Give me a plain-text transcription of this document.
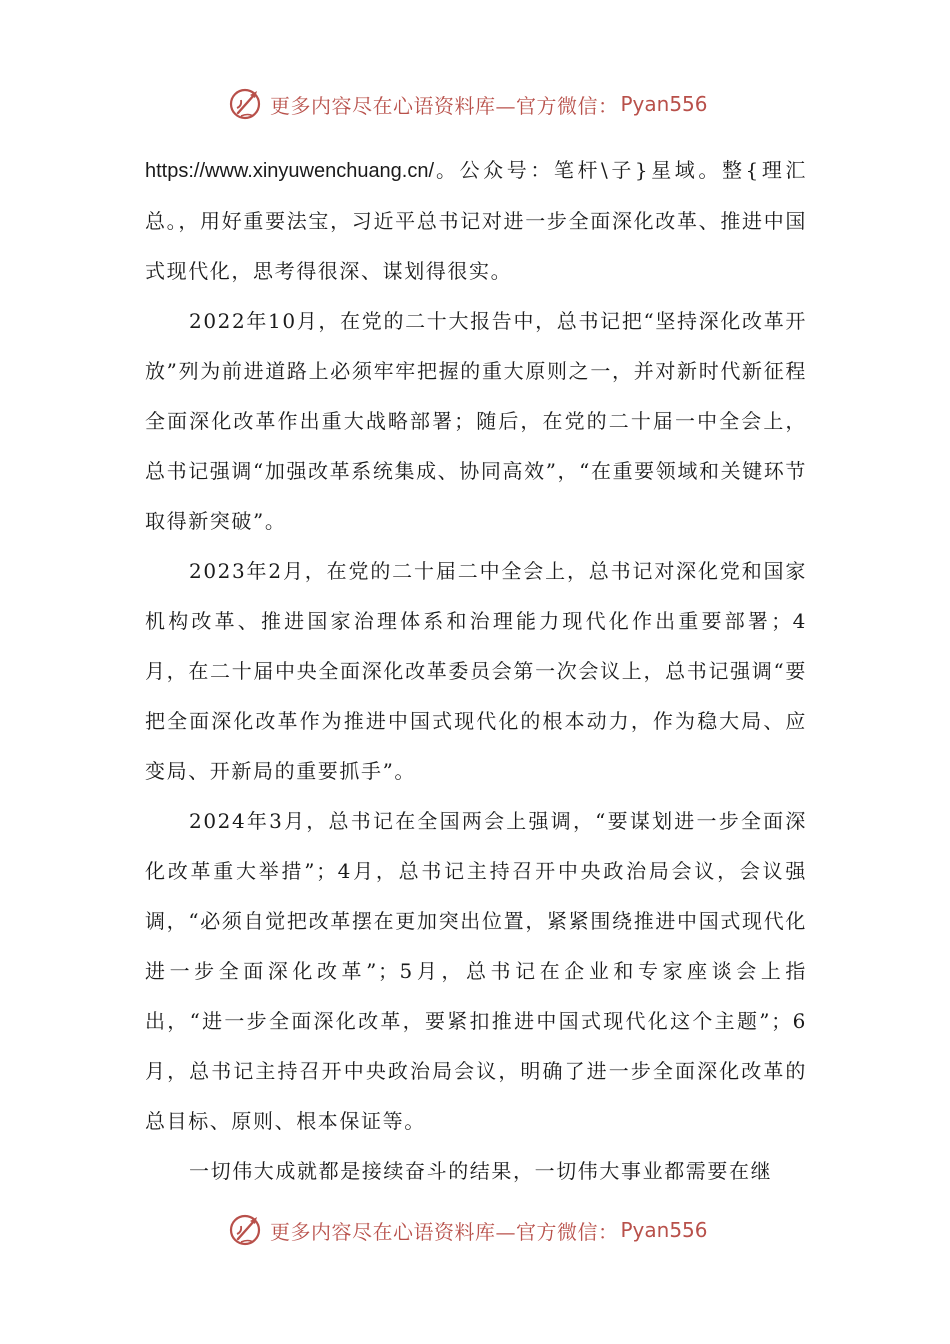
更多内容尽在心语资料库—官方微信： Pyan556

https://www.xinyuwenchuang.cn/。公众号：笔杆\子}星域。整{理汇总。，用好重要法宝，习近平总书记对进一步全面深化改革、推进中国式现代化，思考得很深、谋划得很实。

2022年10月，在党的二十大报告中，总书记把“坚持深化改革开放”列为前进道路上必须牢牢把握的重大原则之一，并对新时代新征程全面深化改革作出重大战略部署；随后，在党的二十届一中全会上，总书记强调“加强改革系统集成、协同高效”，“在重要领域和关键环节取得新突破”。

2023年2月，在党的二十届二中全会上，总书记对深化党和国家机构改革、推进国家治理体系和治理能力现代化作出重要部署；4月，在二十届中央全面深化改革委员会第一次会议上，总书记强调“要把全面深化改革作为推进中国式现代化的根本动力，作为稳大局、应变局、开新局的重要抓手”。

2024年3月，总书记在全国两会上强调，“要谋划进一步全面深化改革重大举措”；4月，总书记主持召开中央政治局会议，会议强调，“必须自觉把改革摆在更加突出位置，紧紧围绕推进中国式现代化进一步全面深化改革”；5月，总书记在企业和专家座谈会上指出，“进一步全面深化改革，要紧扣推进中国式现代化这个主题”；6月，总书记主持召开中央政治局会议，明确了进一步全面深化改革的总目标、原则、根本保证等。

一切伟大成就都是接续奋斗的结果，一切伟大事业都需要在继

更多内容尽在心语资料库—官方微信： Pyan556
